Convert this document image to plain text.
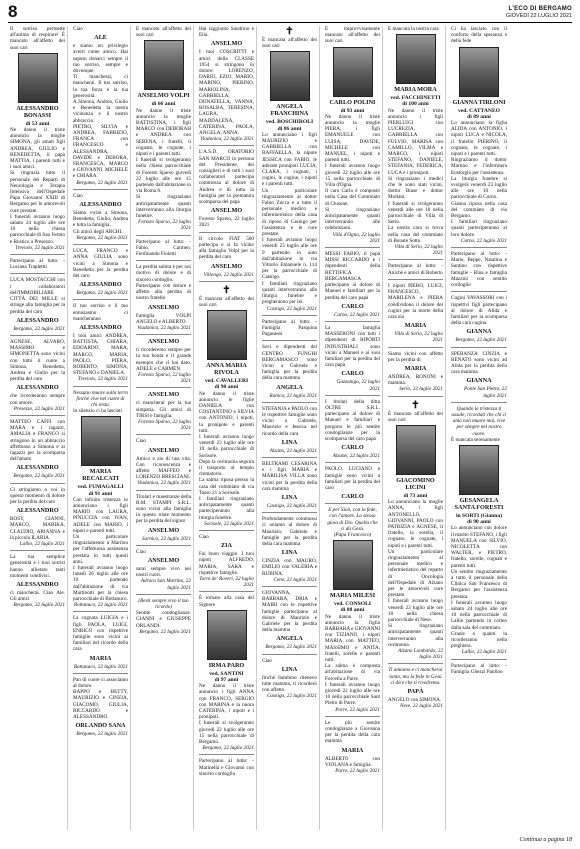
8	L'ECO DI BERGAMO
GIOVEDÌ 22 LUGLIO 2021
Il sorriso permette all'anima di respirare! È mancato all'affetto dei suoi cari
ALESSANDRO BONASSI
di 53 anni
Ne danno il triste annuncio la moglie SIMONA, gli amati figli ANDREA, GIULIO e BENEDETTA, il papà MATTIA, i parenti tutti e i suoi amici.
Si ringrazia tutto il personale dei Reparti di Neurologia e Terapia Intensiva dell'Ospedale Papa Giovanni XXIII di Bergamo per le amorevoli cure prestate.
I funerali avranno luogo sabato 24 luglio alle ore 10 nella chiesa parrocchiale di San Fermo e Rustico a Presezzo.
Treviolo, 22 luglio 2021
Partecipano al lutto: - Luciana Traplettti
LUCA MOSTACCHI con i collaboratori dell'IMMOBILIARE CITTÀ DEI MILLE si stringe alla famiglia per la perdita del caro
ALESSANDRO
Bergamo, 22 luglio 2021
AGNESE, ALVARO, MASSIMO e SIMONETTA sono vicini con tutto il cuore a Simona, Benedetta, Andrea e Giulio per la perdita del caro
ALESSANDRO
che ricorderanno sempre con amore.
Presezzo, 22 luglio 2021
MATTEO CAFFI con MARA e i ragazzi, AMALIA e FRANCO si stringono in un abbraccio affettuoso a Simona e ai ragazzi per la scomparsa dell'amato
ALESSANDRO
Bergamo, 22 luglio 2021
Ci stringiamo a voi in questo momento di dolore per la perdita del caro
ALESSANDRO
ROSY, GIANNI, MARCO, MARIKA, CLAUDIO, ARIANNA e la piccola ILARIA.
Lallio, 22 luglio 2021
La tua semplice generosità e i tuoi sorrisi hanno allietato tanti momenti condivisi.
ALESSANDRO
ci mancherai. Ciao Ale. Gli amici
Bergamo, 22 luglio 2021
Ciao
ALE
e siamo un privilegio averti come amico. Hai saputo donarci sempre il tuo sorriso, sempre e dovunque.
Ti mancherai, ci mancherai. Il tuo sorriso, la tua forza e la tua generosità.
A Simona, Andrea, Giulio e Benedetta la nostra vicinanza e il nostro abbraccio.
PIETRO, SILVIA e ANDREA, FABRIZIO, FRANCA con FRANCESCO e ALESSANDRA, DAVIDE e DEBORA, FRANCESCA, MARCO e GIOVANNI, MICHELE e CHIARA.
Bergamo, 22 luglio 2021
Ciao
ALESSANDRO
Siamo vicini a Simona, Benedetta, Giulio, Andrea e tutta la famiglia.
Gli amici degli ARCHI.
Bergamo, 22 luglio 2021
LUCA, FRANCO e ANNA GIULIA sono vicini a Simona e Benedetta per la perdita del caro
ALESSANDRO
Bergamo, 22 luglio 2021
Il tuo sorriso e il tuo entusiasmo ci mancheranno
ALESSANDRO
I tuoi amici ANDREA, BATTISTA, CHIARA, EDOARDO, MARA, MARCO, MARIA, PAOLO, PIERA, ROBERTO, SIMONA, STEFANO e DANIELA.
Treviolo, 22 luglio 2021
Nessuno muore sulla terra finché vive nel cuore di chi resta.
In silenzio ci ha lasciati
MARIA RECALCATI
ved. FUMAGALLI
di 91 anni
Con infinita tristezza lo annunciano i figli MARIO con LAURA, PINUCCIA con IVAN, ADELE con MARIO, i nipoti e parenti tutti.
Un particolare ringraziamento a Marilou per l'affettuosa assistenza prestata in tutti questi anni.
I funerali avranno luogo lunedì 26 luglio alle ore 10 partendo dall'abitazione di via Martinotti per la chiesa parrocchiale di Bottanuco.
Bottanuco, 22 luglio 2021
La cognata LUIGIA e i figli PAOLA, LUIGI, ENRICO con rispettive famiglie sono vicini ai familiari nel ricordo della cara
MARIA
Bottanuco, 22 luglio 2021
Pan di cuore ci associamo al dolore.
BAPPO e BETTY, MAURIZIO e CINZIA, GIACOMO, GIULIA, RICCARDO e ALESSANDRO.
ORLANDO SANA
Bergamo, 22 luglio 2021
È mancato all'affetto dei suoi cari
ANSELMO VOLPI
di 66 anni
Ne danno il triste annuncio la moglie BATTISTINA, i figli MARCO con DEBORAH e ANDREA con SERENA, i fratelli, il cognato, le cognate, i nipoti e i parenti tutti.
I funerali si svolgeranno nella chiesa parrocchiale di Foresto Sparso giovedì 22 luglio alle ore 15 partendo dall'abitazione in via Roma 8.
Si ringraziano anticipatamente quanti interverranno alla liturgia funebre.
Foresto Sparso, 22 luglio 2021
Partecipano al lutto: - Fabio, Carmen, Ferdinando Fioletti
La perdita subita è per noi motivo di dolore e di sincero cordoglio.
Partecipano con dolore e affetto alla perdita di nostro fratello
ANSELMO
Famiglia VOLPI ANGELO e ALBERTO.
Viadanica, 22 luglio 2021
ANSELMO
ti ricorderemo sempre per la tua bontà e il grande esempio che ci hai dato. ADELE e CARMEN.
Foresto Sparso, 22 luglio 2021
ANSELMO
ci mancherai per la tua simpatia. Gli amici di TIRSI e famiglia.
Foresto Sparso, 22 luglio 2021
Ciao
ANSELMO
Amico e zio di una vita. Con riconoscenza e affetto MAFFEO e LORENZO BRESCIANI.
Viadanica, 22 luglio 2021
Titolari e maestranze della B.M. STAMPI S.R.L. sono vicini alla famiglia in questo triste momento per la perdita del signor
ANSELMO
Sarnico, 22 luglio 2021
Ciao
ANSELMO
sarai sempre vivo nei nostri cuori.
Adrara San Martino, 22 luglio 2021
(Resti sempre vivo il tuo ricordo)
Sentite condoglianze. GIANNI e GIUSEPPE ORLANDI.
Bergamo, 22 luglio 2021
Hai raggiunto Sandrino e Elia.
ANSELMO
I tuoi COSCRITTI e amici della CLASSE 1954 si stringono in dolore: LORENZO, DARIO, EZIO, MARIO, MARINO, PIERINO, MARIOLINA, GABRIELLA, DONATELLA, VANNA, ROSALBA, TERESINA, LAURA, MADDALENA, CATERINA, PAOLA, ANGELA, ANNA.
Viadanica, 22 luglio 2021
L'A.S.D. ORATORIO SAN MARCO in persona del Presidente, dei consiglieri e di tutti i suoi collaboratori partecipa commossa al dolore di Andrea e di tutta la famiglia per la prematura scomparsa del papà
ANSELMO
Foresto Sparso, 22 luglio 2021
Il circolo FIAT 500 partecipa e si fa vicino alla famiglia Volpi per la perdita del caro
ANSELMO
Villongo, 22 luglio 2021
✝
È mancata all'affetto dei suoi cari
ANNA MARIA RIVOLA
ved. CAVALLERI
di 90 anni
Ne danno il triste annuncio le figlie DANIELA con COSTANTINO e SILVIA con ANTONIO, i nipoti, la pronipote e parenti tutti.
I funerali avranno luogo venerdì 23 luglio alle ore 10 nella parrocchiale di Sorisole.
Dopo la cerimonia seguirà il trasporto al tempio crematorio.
La salma riposa presso la casa del commiato di via Tasso 21 a Sorisole.
I familiari ringraziano anticipatamente quanti parteciperanno alla liturgia funebre.
Sorisole, 22 luglio 2021
Ciao
ZIA
Fai buon viaggio. I tuoi nipoti ALFREDO, MARIA, SARA e rispettive famiglie.
Torre de' Roveri, 22 luglio 2021
È tornato alla casa del Signore
IRMA PARO
ved. SANTINI
di 97 anni
Ne danno il triste annuncio i figli ANNA con FRANCO, SERGIO con MARINA e la nuora CATERINA, i nipoti e i pronipoti.
I funerali si svolgeranno giovedì 22 luglio alle ore 15 nella parrocchiale di Bergamo.
Bergamo, 22 luglio 2021
Partecipano al lutto: - Marinella e Giovanni con sincero cordoglio
✝
È mancata all'affetto dei suoi cari
ANGELA FRANCHINA
ved. BOSCHIROLI
di 86 anni
Lo annunciano i figli MAURIZIO e GABRIELLA con RAFFAELLA, la nipote JESSICA con FABIO, le adorate pronipoti LUCIA, CLARA, i cognati, i cugini, le cugine, i nipoti e i parenti tutti.
Un particolare ringraziamento al dottor Fabio Zucca e a tutto il personale medico e infermieristico della casa di riposo di Casnigo per l'assistenza e le cure prestate.
I funerali avranno luogo venerdì 23 luglio alle ore 9 partendo in auto dall'abitazione in via Vittorio Emanuele n. 114 per la parrocchiale di Casnigo.
I familiari ringraziano quanti interverranno alla liturgia funebre e pregheranno per lei.
Casnigo, 22 luglio 2021
Partecipano al lutto: - Famiglia Pasquina Paganessi
Soci e dipendenti del CENTRO FUNGHI BERGAMASCO sono vicini a Gabriele e famiglia per la perdita della cara mamma
ANGELA
Ranica, 22 luglio 2021
STEFANIA e PAOLO con le rispettive famiglie sono vicini a Gabriele, Maurizio e Jessica nel ricordo della cara
LINA
Alzano, 22 luglio 2021
BELTRAMI CESARINA e i figli MARIA e MARILISA VILLA sono vicini per la perdita della cara mamma
LINA
Casnigo, 22 luglio 2021
Profondamente commossi ci uniamo al dolore di Maurizio, Gabriele e famiglie per la perdita della cara mamma
LINA
CINZIA con MAURO, EMILIO con VALERIA e RUBINA.
Cene, 22 luglio 2021
GIOVANNA, BARBARA, DRIA e MAIRI con le rispettive famiglie partecipano al dolore di Maurizio e Gabriele per la perdita della mamma
ANGELA
Bergamo, 22 luglio 2021
Ciao
LINA
finché bambino ritenevo tutte mamma, ti ricorderò con affetto.
Casnigo, 22 luglio 2021
È improvvisamente mancato all'affetto dei suoi cari
CARLO POLINI
di 93 anni
Ne danno il triste annuncio la moglie PIERA, i figli EMANUELE con LUISA, DAVIDE, MICHELE con MANUEL, i nipoti e parenti tutti.
I funerali avranno luogo giovedì 22 luglio alle ore 15 nella parrocchiale di Villa d'Ogna.
Il caro Carlo è composto nella Casa del Commiato di Clusone.
Si ringraziano anticipatamente quanti interverranno alle celebrazioni.
Villa d'Ogna, 22 luglio 2021
MESSI FABIO, il papà MISSI RICCARDO e i dipendenti della RETTIFICA BERGAMASCA partecipano al dolore di Manuel e familiari per la perdita del caro papà
CARLO
Curno, 22 luglio 2021
La famiglia MASSERONI con tutti i dipendenti di RIPORTI INDUSTRIALI sono vicini a Manuel e ai suoi familiari per la perdita del caro papà
CARLO
Gazzaniga, 22 luglio 2021
I titolari della ditta OLTRE S.R.L. partecipano al dolore di Manuel e familiari e porgono le più sentite condoglianze per la scomparsa del caro papà
CARLO
Alzano, 22 luglio 2021
PAOLO, LUCIANO e famiglie sono vicini a familiari per la perdita del caro
CARLO
E per Sion, con la fede, con l'amore. La stessa gioia di Dio. Quella che ci dà Gesù.
(Papa Francesco)
MARIA MILESI
ved. CONSOLI
di 88 anni
Ne danno il triste annuncio la figlia BARBARA e GIOVANNI con TIZIANO, i nipoti MARIA con MATTEO, MASSIMO e ANITA, fratelli, sorelle e parenti tutti.
La salma è composta all'abitazione di via Forcella a Parre.
I funerali avranno luogo giovedì 22 luglio alle ore 10 nella parrocchiale Sant Pietro di Parre.
Parre, 22 luglio 2021
Le più sentite condoglianze a Giovanna per la perdita della cara mamma
MARIA
ALBERTO con VIOLANA e famiglia.
Parre, 22 luglio 2021
È mancata la nostra cara
MARIA MORA
ved. FACCHINETTI
di 100 anni
Ne danno il triste annuncio i figli PIERLUIGI con LUCREZIA, GABRIELLA con FULVIO, MARISA con CAMILLO, VILMA e MARCO, i nipoti STEFANO, DANIELE, STEFANIA, FEDERICA, LUCA e i pronipoti.
Si ringraziano i medici che le sono stati vicini, dottor Biase e dottor Moltani.
I funerali si svolgeranno venerdì alle ore 10 nella parrocchiale di Villa di Serio.
La nostra cara si trova nella casa del commiato di Bonate Sotto.
Villa di Serio, 22 luglio 2021
Partecipano al lutto: - Anichè e amici di Roberto
I nipoti PIERO, LUIGI, FRANCESCO, MARILENA e PIERA condividono il dolore dei cugini per la morte della cara zia
MARIA
Villa di Serio, 22 luglio 2021
Siamo vicini con affetto per la perdita di
MARIA
ANDREA, RONONI e mamma.
Serio, 22 luglio 2021
✝
È mancato all'affetto dei suoi cari
GIACOMINO LICINI
di 73 anni
Lo annunciano la moglie ANNA, i figli ANTONELLO, GIOVANNI, PAOLO con PATRIZIA e AGNESE, il fratello, la sorella, il cognato, le cognate, i nipoti e i parenti tutti.
Un particolare ringraziamento al personale medico e infermieristico del reparto di Oncologia dell'Ospedale di Alzano per le amorevoli cure prestate.
I funerali avranno luogo venerdì 23 luglio alle ore 10 nella chiesa parrocchiale di Nese.
Si ringraziano anticipatamente quanti interverranno alla cerimonia.
Alzano Lombardo, 22 luglio 2021
Ti amiamo e ci mancherai tanto, ma la fede in Gesù ci dice che ti rivedremo.
PAPÀ
ANGELO con SIMONA.
Nese, 22 luglio 2021
Ci ha lasciato con il conforto della speranza e della fede
GIANNA TIRLONI
ved. CATTANEO
di 89 anni
Lo annunciano la figlia ALIDA con ANTONIO, i nipoti LUCA e NICOLA, il fratello PIERINO, il cognato, le cognate, i nipoti e i parenti tutti.
Ringraziamo il dottor Martino e l'infermiera Eustorgio per l'assistenza.
La liturgia funebre si svolgerà venerdì 23 luglio alle ore 10 nella parrocchiale di Curno.
Gianna riposa nella casa del commiato di via Bergamo.
I familiari ringraziano quanti parteciperanno al loro dolore.
Curno, 22 luglio 2021
Partecipano al lutto: - Marie, Beppe, Natalina e Santino con rispettive famiglie - Rina e famiglia Mazzini con sentito cordoglio
Cugini VAVASSORI con i rispettivi figli partecipano al dolore di Alida e familiari per la scomparsa della cara cugina
GIANNA
Bergamo, 22 luglio 2021
SPERANZA CINZIA e RENATO sono vicini ad Alida per la perdita della cara mamma
GIANNA
Ponte San Pietro, 22 luglio 2021
Quando la tristezza ti assale, ricordati che chi ci ama non muore mai, vive per sempre nel nostro cuore.
È mancata serenamente
GESANGELA SANTA FORESTI
in SORTI (Gianna)
di 90 anni
Lo annunciano con dolore il marito STEFANO, i figli MANUELA con SILVIO, NICOLETTA con WALTER, e PIETRO, fratello, sorelle, cognati e parenti tutti.
Un sentito ringraziamento a tutto il personale della Clinica San Francesco di Bergamo per l'assistenza prestata.
I funerali avranno luogo sabato 24 luglio alle ore 10 nella parrocchiale di Lallio partendo in corteo dalla sala del commiato.
Grazie a quanti la ricorderanno nella preghiera.
Lallio, 22 luglio 2021
Partecipano al lutto: - Famiglia Ghezzi Paolino
Continua a pagina 18
